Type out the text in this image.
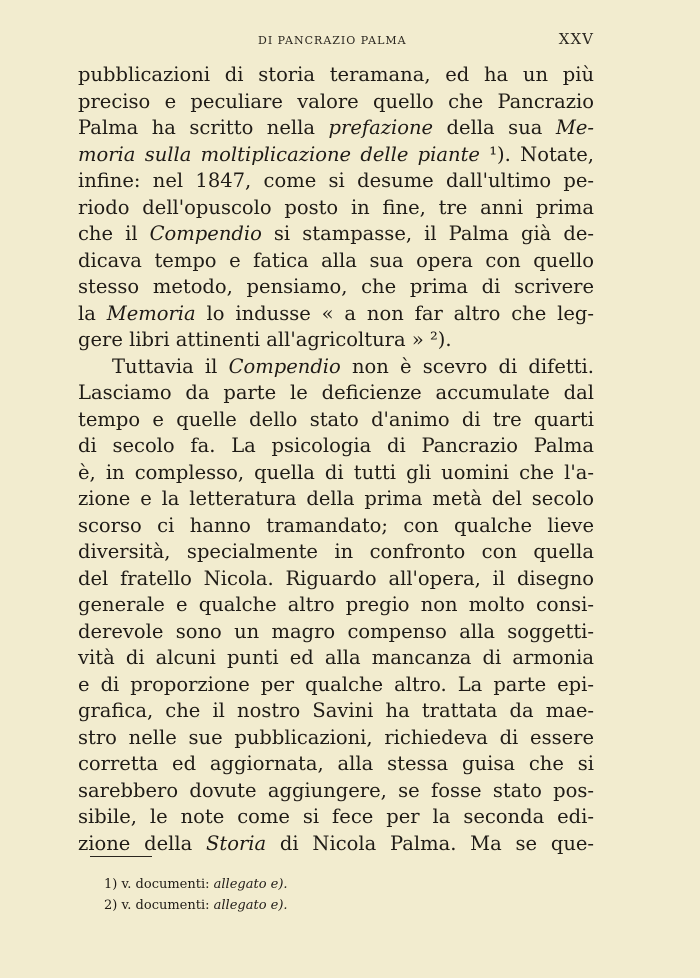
DI PANCRAZIO PALMA	XXV
pubblicazioni di storia teramana, ed ha un più
preciso e peculiare valore quello che Pancrazio
Palma ha scritto nella prefazione della sua Me-
moria sulla moltiplicazione delle piante ¹). Notate,
infine: nel 1847, come si desume dall'ultimo pe-
riodo dell'opuscolo posto in fine, tre anni prima
che il Compendio si stampasse, il Palma già de-
dicava tempo e fatica alla sua opera con quello
stesso metodo, pensiamo, che prima di scrivere
la Memoria lo indusse « a non far altro che leg-
gere libri attinenti all'agricoltura » ²).
Tuttavia il Compendio non è scevro di difetti.
Lasciamo da parte le deficienze accumulate dal
tempo e quelle dello stato d'animo di tre quarti
di secolo fa. La psicologia di Pancrazio Palma
è, in complesso, quella di tutti gli uomini che l'a-
zione e la letteratura della prima metà del secolo
scorso ci hanno tramandato; con qualche lieve
diversità, specialmente in confronto con quella
del fratello Nicola. Riguardo all'opera, il disegno
generale e qualche altro pregio non molto consi-
derevole sono un magro compenso alla soggetti-
vità di alcuni punti ed alla mancanza di armonia
e di proporzione per qualche altro. La parte epi-
grafica, che il nostro Savini ha trattata da mae-
stro nelle sue pubblicazioni, richiedeva di essere
corretta ed aggiornata, alla stessa guisa che si
sarebbero dovute aggiungere, se fosse stato pos-
sibile, le note come si fece per la seconda edi-
zione della Storia di Nicola Palma. Ma se que-
1) v. documenti: allegato e).
2) v. documenti: allegato e).
